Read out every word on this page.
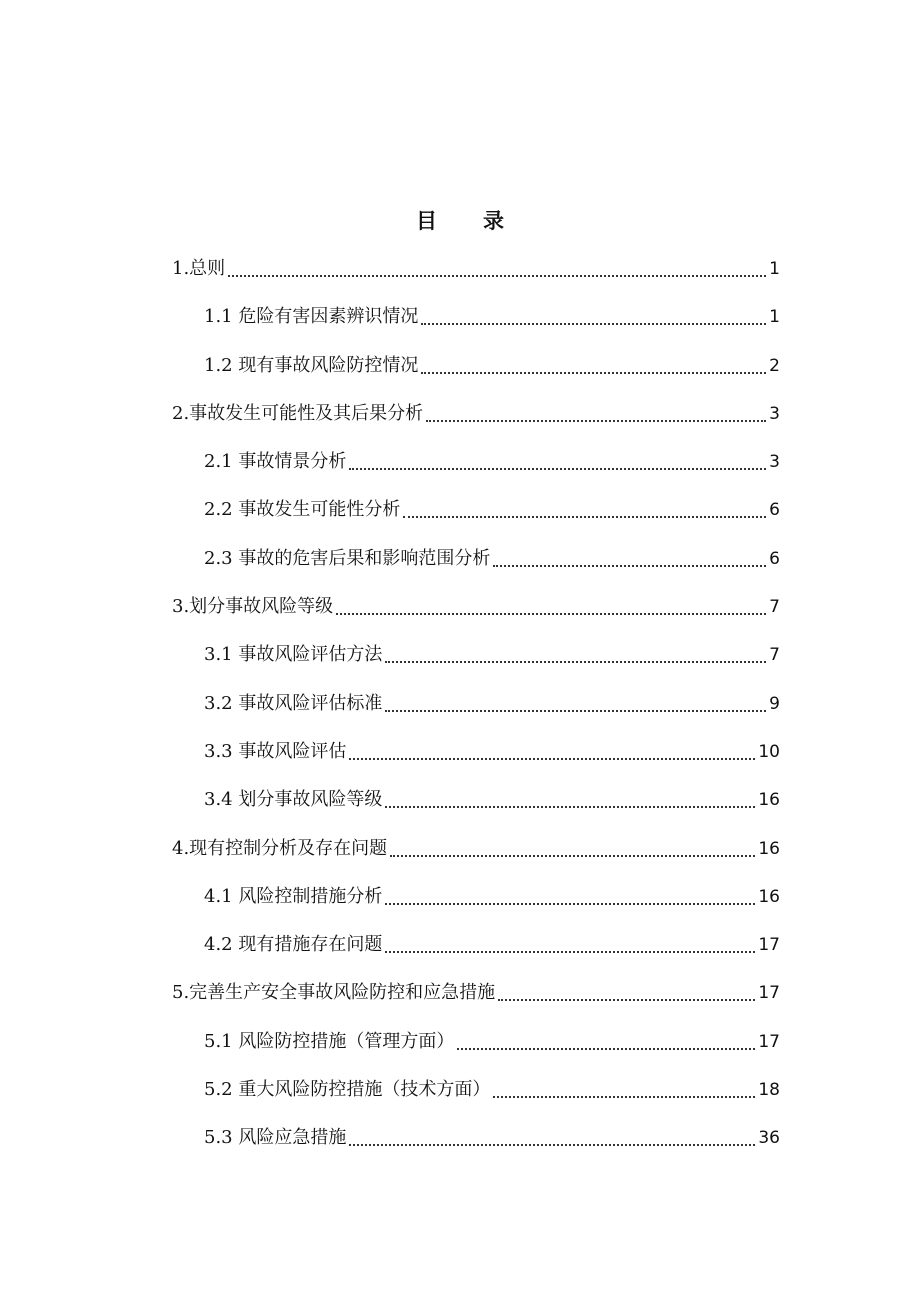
目 录
1.总则	1
1.1 危险有害因素辨识情况	1
1.2 现有事故风险防控情况	2
2.事故发生可能性及其后果分析	3
2.1 事故情景分析	3
2.2 事故发生可能性分析	6
2.3 事故的危害后果和影响范围分析	6
3.划分事故风险等级	7
3.1 事故风险评估方法	7
3.2 事故风险评估标准	9
3.3 事故风险评估	10
3.4 划分事故风险等级	16
4.现有控制分析及存在问题	16
4.1 风险控制措施分析	16
4.2 现有措施存在问题	17
5.完善生产安全事故风险防控和应急措施	17
5.1 风险防控措施（管理方面）	17
5.2 重大风险防控措施（技术方面）	18
5.3 风险应急措施	36
